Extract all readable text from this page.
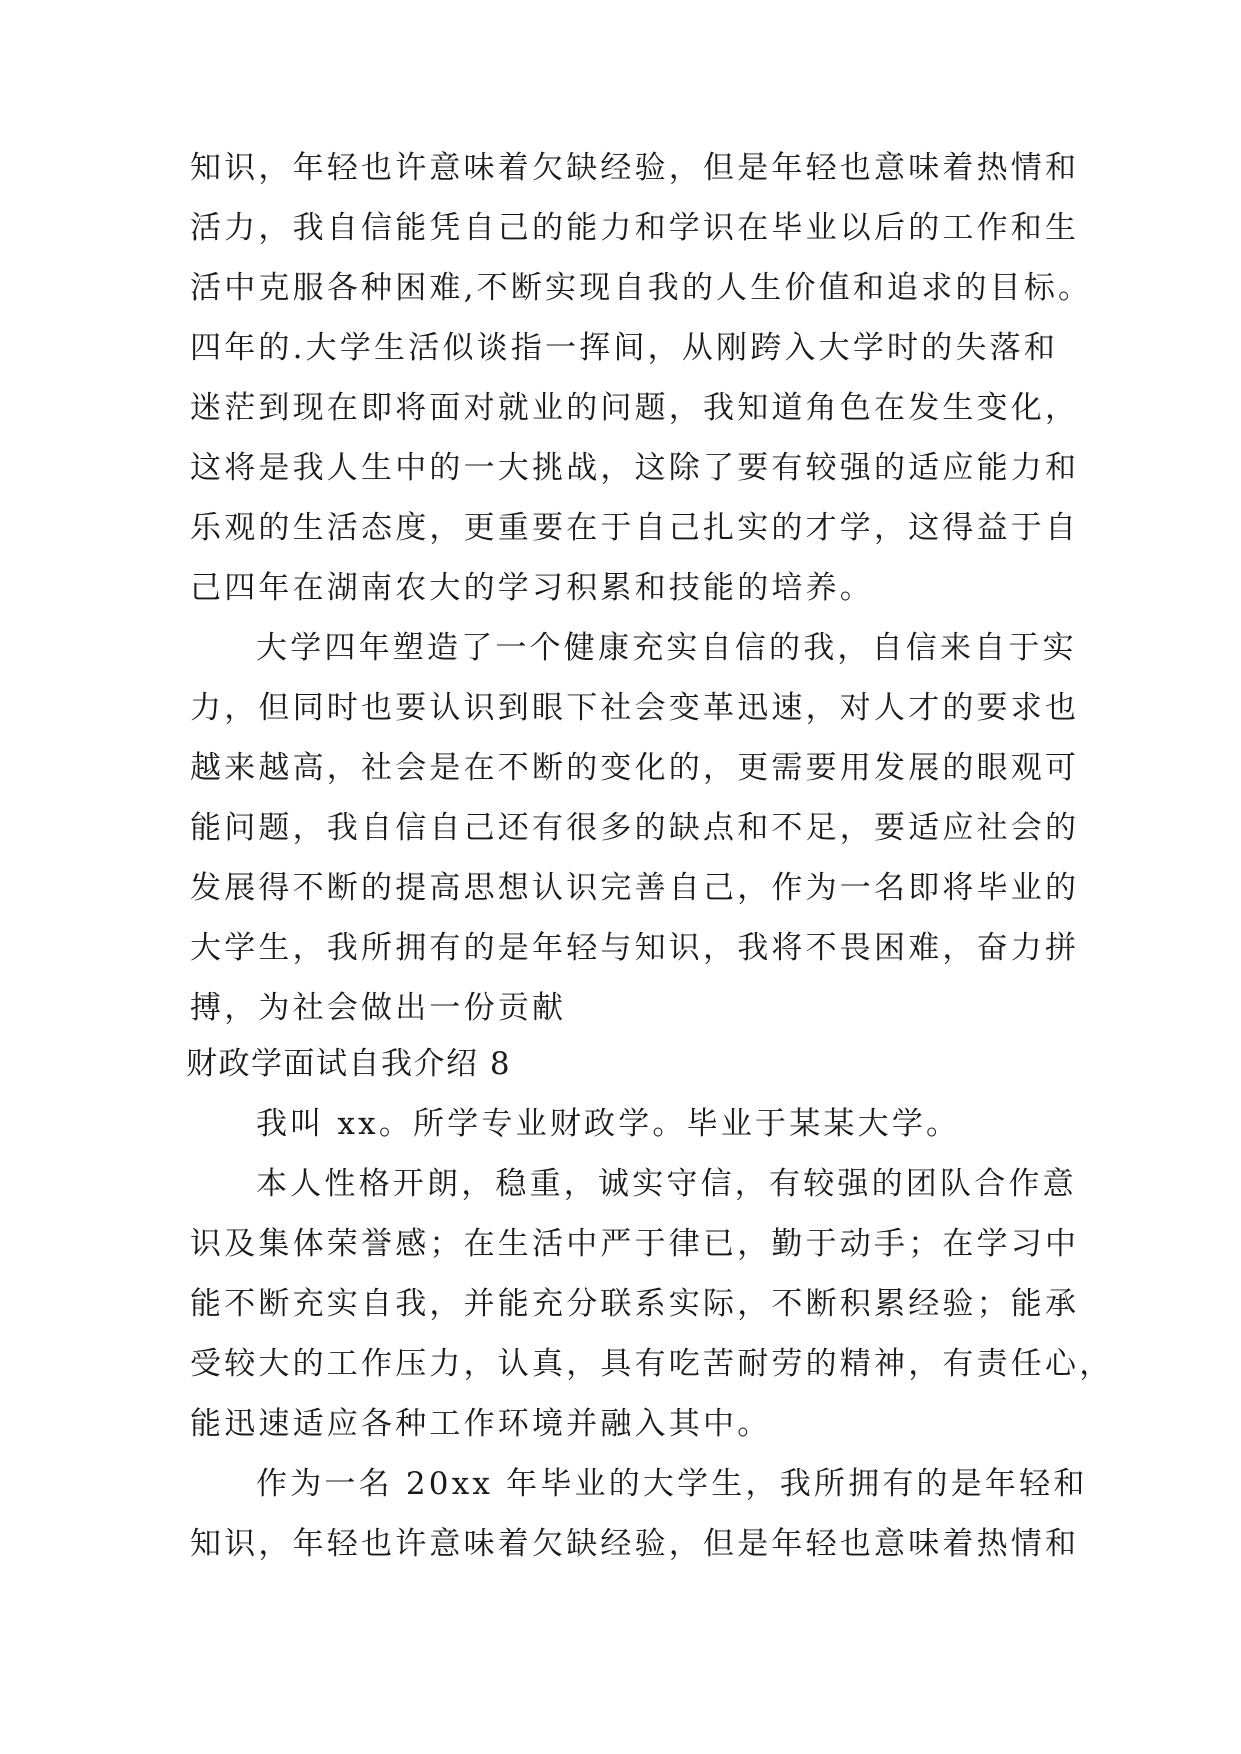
知识，年轻也许意味着欠缺经验，但是年轻也意味着热情和
活力，我自信能凭自己的能力和学识在毕业以后的工作和生
活中克服各种困难,不断实现自我的人生价值和追求的目标。
四年的.大学生活似谈指一挥间，从刚跨入大学时的失落和
迷茫到现在即将面对就业的问题，我知道角色在发生变化，
这将是我人生中的一大挑战，这除了要有较强的适应能力和
乐观的生活态度，更重要在于自己扎实的才学，这得益于自
己四年在湖南农大的学习积累和技能的培养。
大学四年塑造了一个健康充实自信的我，自信来自于实
力，但同时也要认识到眼下社会变革迅速，对人才的要求也
越来越高，社会是在不断的变化的，更需要用发展的眼观可
能问题，我自信自己还有很多的缺点和不足，要适应社会的
发展得不断的提高思想认识完善自己，作为一名即将毕业的
大学生，我所拥有的是年轻与知识，我将不畏困难，奋力拼
搏，为社会做出一份贡献
财政学面试自我介绍 8
我叫 xx。所学专业财政学。毕业于某某大学。
本人性格开朗，稳重，诚实守信，有较强的团队合作意
识及集体荣誉感；在生活中严于律已，勤于动手；在学习中
能不断充实自我，并能充分联系实际，不断积累经验；能承
受较大的工作压力，认真，具有吃苦耐劳的精神，有责任心，
能迅速适应各种工作环境并融入其中。
作为一名 20xx 年毕业的大学生，我所拥有的是年轻和
知识，年轻也许意味着欠缺经验，但是年轻也意味着热情和
